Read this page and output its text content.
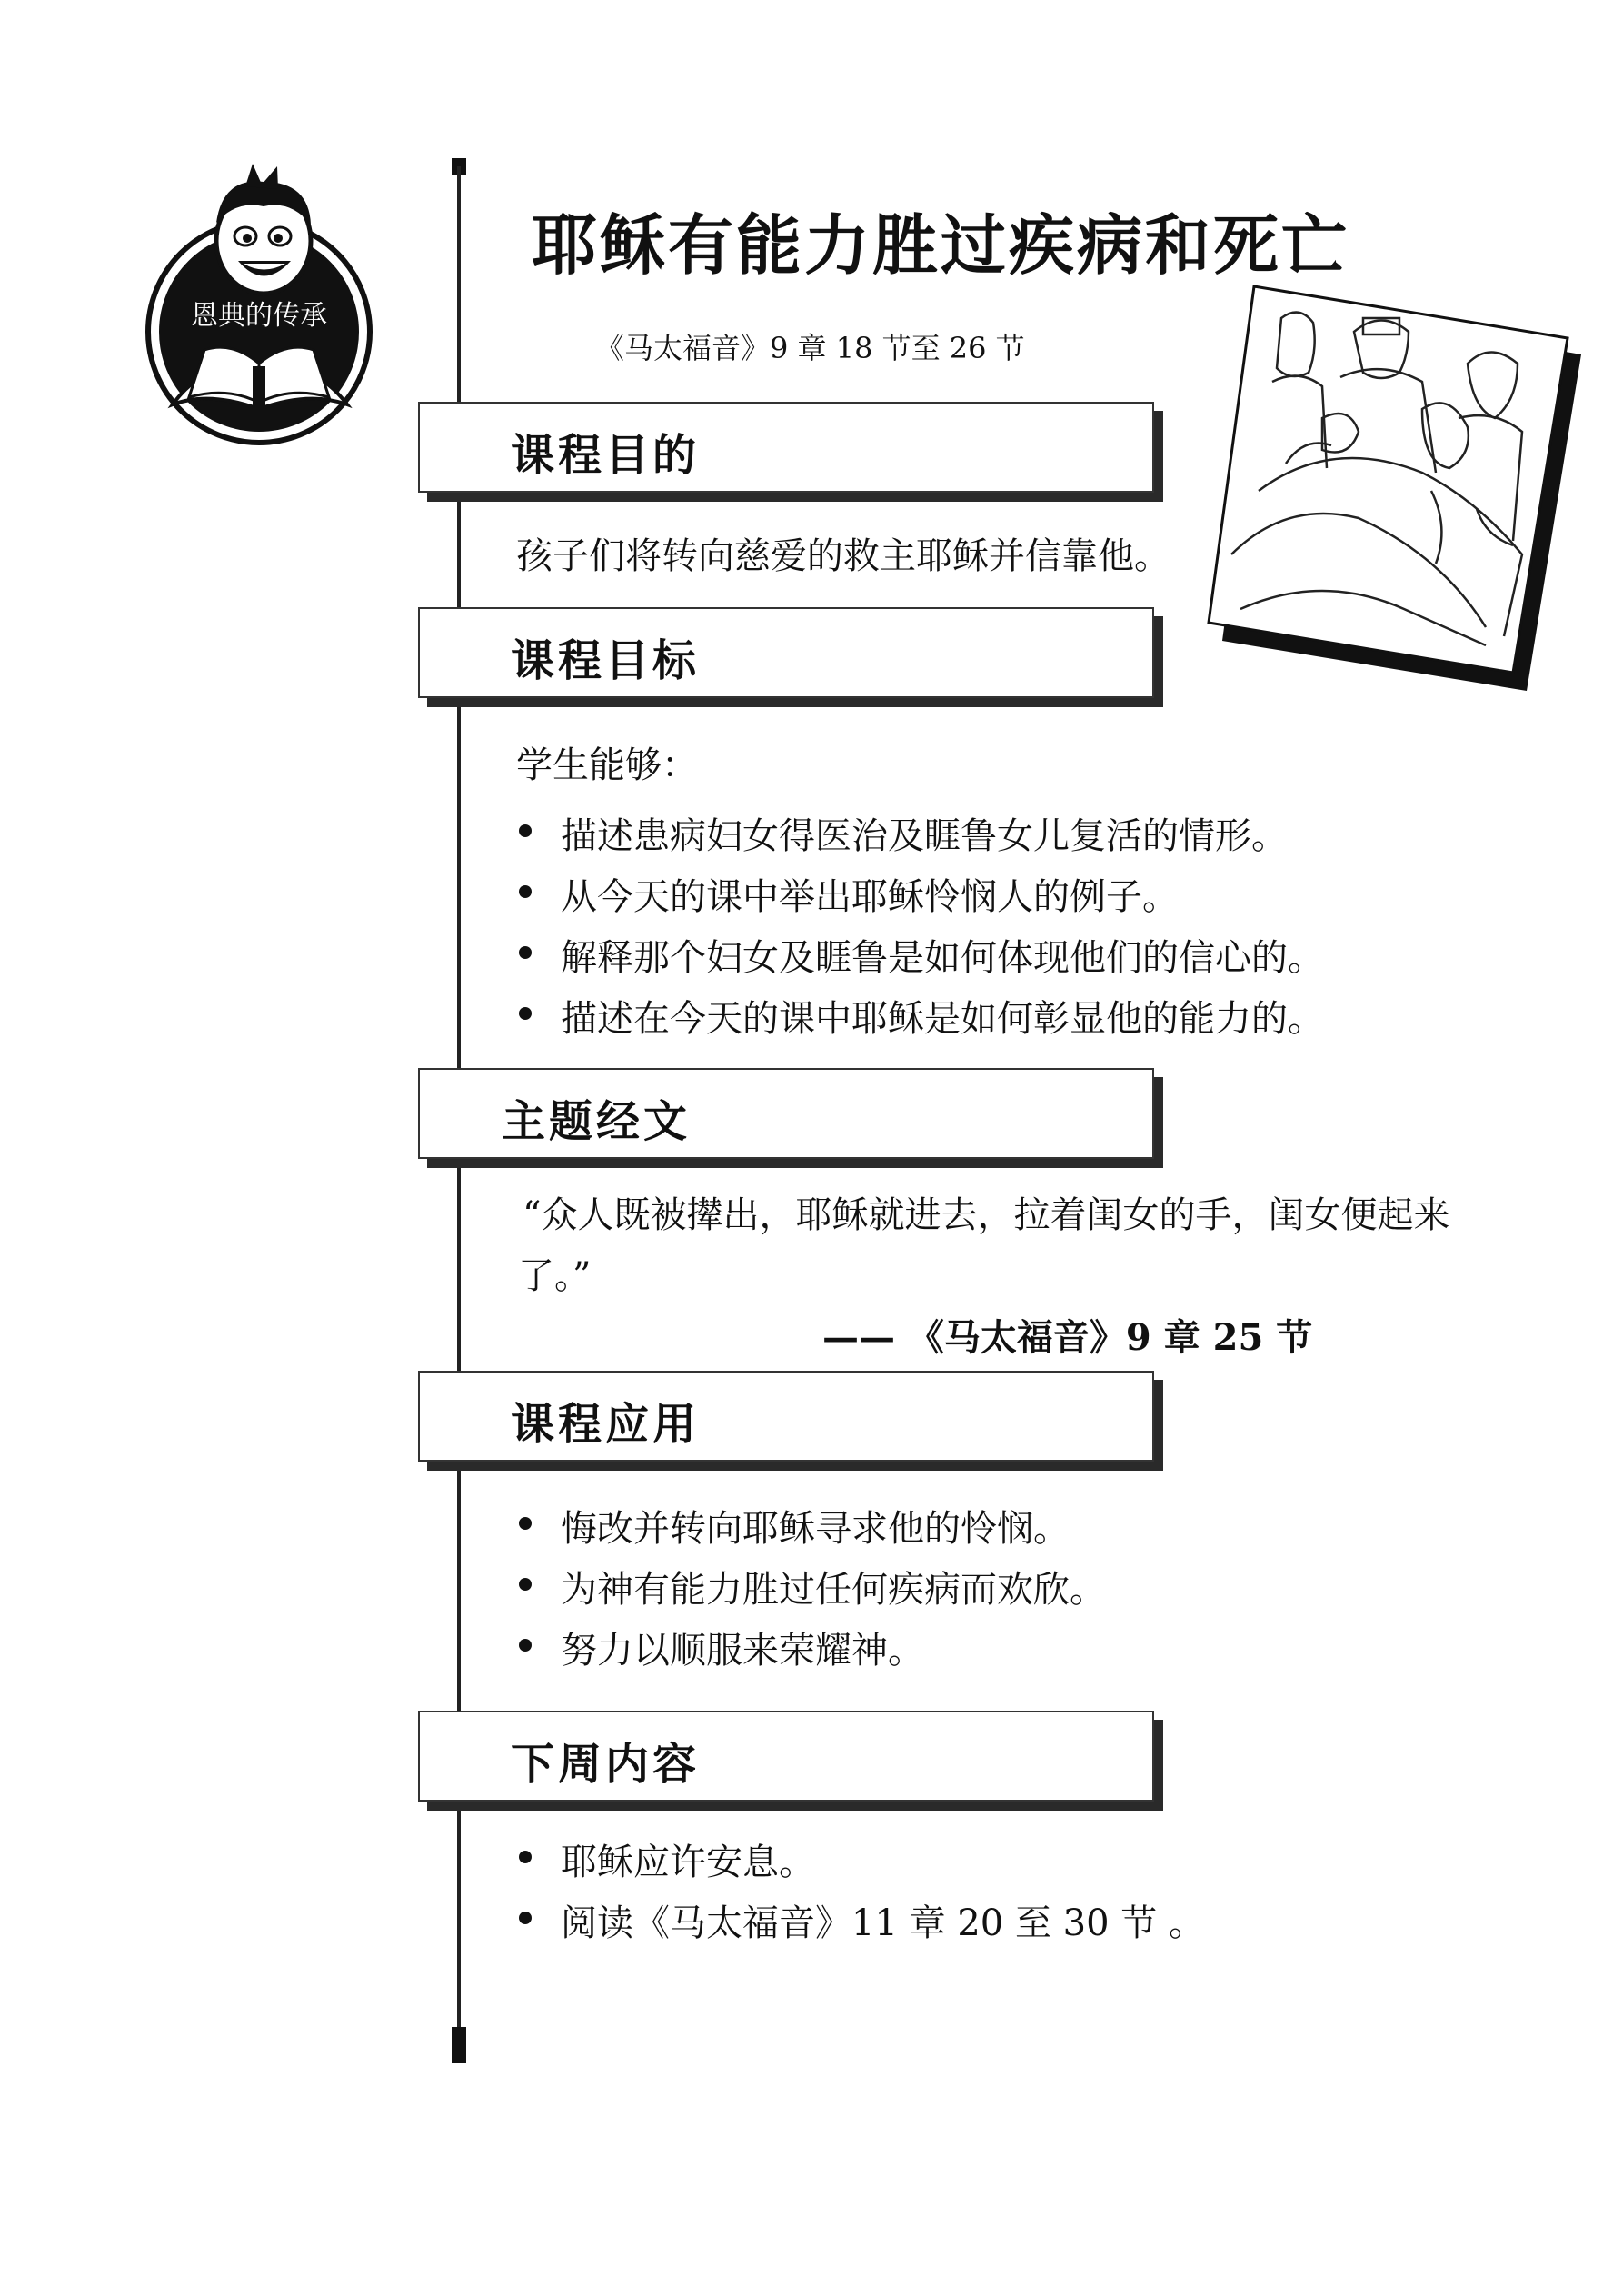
恩典的传承
耶稣有能力胜过疾病和死亡
《马太福音》9 章 18 节至 26 节
课程目的
孩子们将转向慈爱的救主耶稣并信靠他。
课程目标
学生能够：
描述患病妇女得医治及睚鲁女儿复活的情形。
从今天的课中举出耶稣怜悯人的例子。
解释那个妇女及睚鲁是如何体现他们的信心的。
描述在今天的课中耶稣是如何彰显他的能力的。
主题经文
“众人既被撵出，耶稣就进去，拉着闺女的手，闺女便起来
了。”
—— 《马太福音》9 章 25 节
课程应用
悔改并转向耶稣寻求他的怜悯。
为神有能力胜过任何疾病而欢欣。
努力以顺服来荣耀神。
下周内容
耶稣应许安息。
阅读《马太福音》11 章 20 至 30 节 。
